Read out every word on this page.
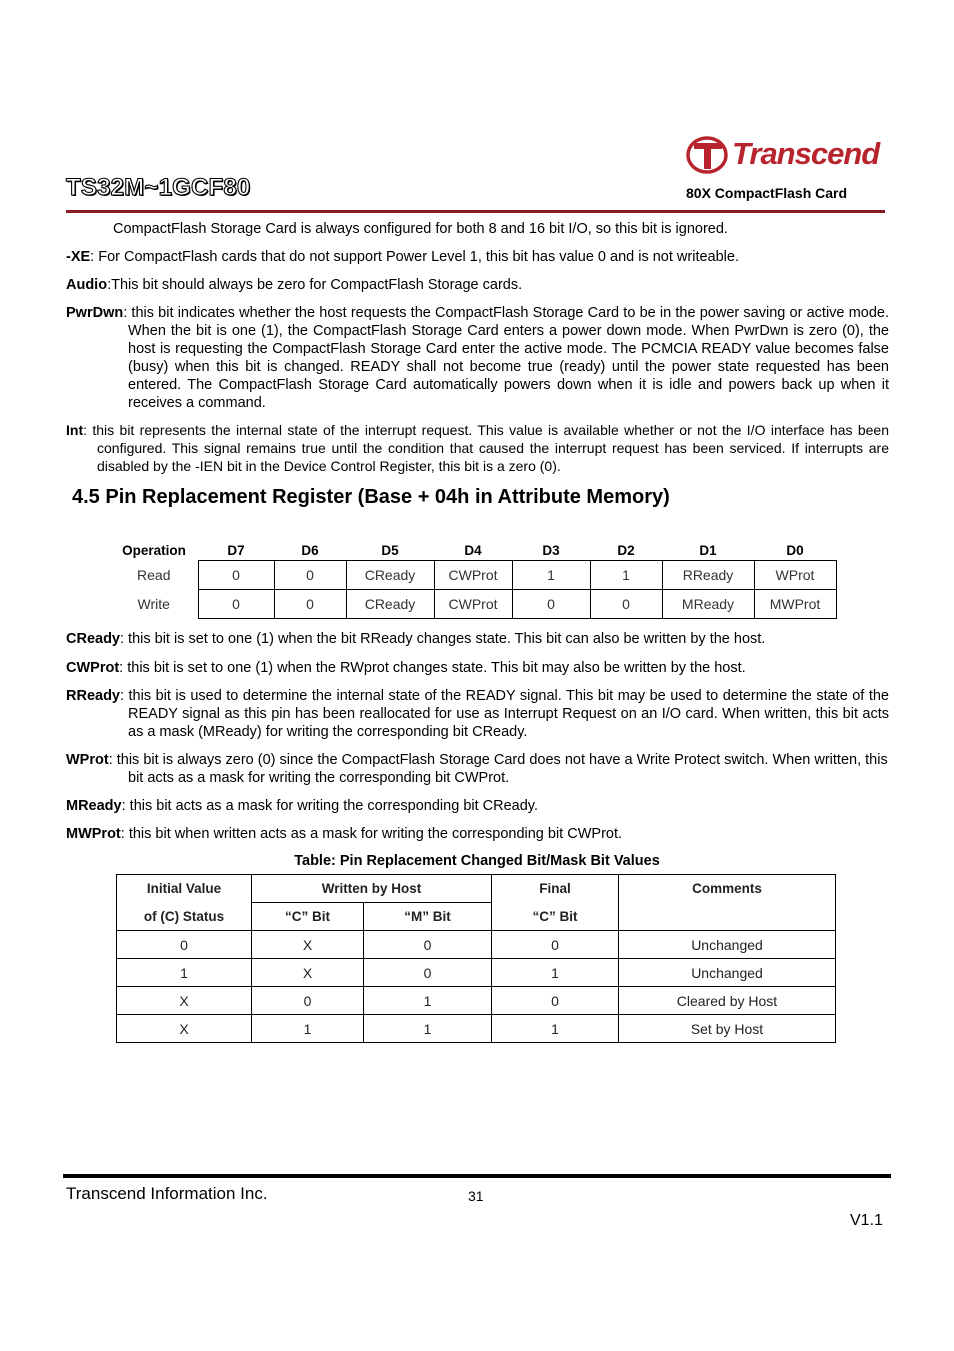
Transcend
TS32M~1GCF80	80X CompactFlash Card
CompactFlash Storage Card is always configured for both 8 and 16 bit I/O, so this bit is ignored.
-XE: For CompactFlash cards that do not support Power Level 1, this bit has value 0 and is not writeable.
Audio:This bit should always be zero for CompactFlash Storage cards.
PwrDwn: this bit indicates whether the host requests the CompactFlash Storage Card to be in the power saving or active mode. When the bit is one (1), the CompactFlash Storage Card enters a power down mode. When PwrDwn is zero (0), the host is requesting the CompactFlash Storage Card enter the active mode. The PCMCIA READY value becomes false (busy) when this bit is changed. READY shall not become true (ready) until the power state requested has been entered. The CompactFlash Storage Card automatically powers down when it is idle and powers back up when it receives a command.
Int: this bit represents the internal state of the interrupt request. This value is available whether or not the I/O interface has been configured. This signal remains true until the condition that caused the interrupt request has been serviced. If interrupts are disabled by the -IEN bit in the Device Control Register, this bit is a zero (0).
4.5 Pin Replacement Register (Base + 04h in Attribute Memory)
Operation	D7	D6	D5	D4	D3	D2	D1	D0
Read	0	0	CReady	CWProt	1	1	RReady	WProt
Write	0	0	CReady	CWProt	0	0	MReady	MWProt
CReady: this bit is set to one (1) when the bit RReady changes state. This bit can also be written by the host.
CWProt: this bit is set to one (1) when the RWprot changes state. This bit may also be written by the host.
RReady: this bit is used to determine the internal state of the READY signal. This bit may be used to determine the state of the READY signal as this pin has been reallocated for use as Interrupt Request on an I/O card. When written, this bit acts as a mask (MReady) for writing the corresponding bit CReady.
WProt: this bit is always zero (0) since the CompactFlash Storage Card does not have a Write Protect switch. When written, this bit acts as a mask for writing the corresponding bit CWProt.
MReady: this bit acts as a mask for writing the corresponding bit CReady.
MWProt: this bit when written acts as a mask for writing the corresponding bit CWProt.
Table: Pin Replacement Changed Bit/Mask Bit Values
Initial Value	Written by Host		Final	Comments
of (C) Status	“C” Bit	“M” Bit	“C” Bit	
0	X	0	0	Unchanged
1	X	0	1	Unchanged
X	0	1	0	Cleared by Host
X	1	1	1	Set by Host
Transcend Information Inc.	31
V1.1
